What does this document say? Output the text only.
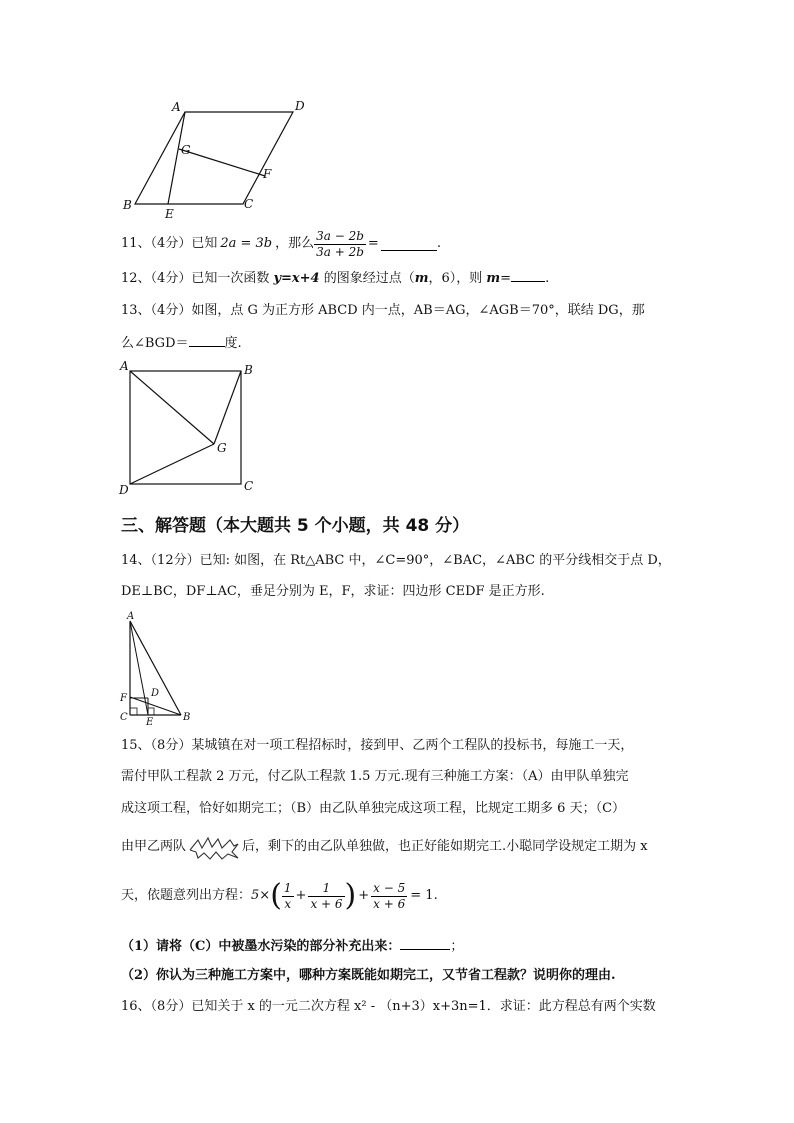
A	D
G
F
B
E
C
11、（4分）已知 2a = 3b ，那么 $\frac{3a - 2b}{3a + 2b}$ =	.
12、（4分）已知一次函数 y=x+4 的图象经过点（m，6），则 m=	.
13、（4分）如图，点 G 为正方形 ABCD 内一点，AB＝AG，∠AGB＝70°，联结 DG，那
么∠BGD＝	度.
A	B
G
D	C
三、解答题（本大题共 5 个小题，共 48 分）
14、（12分）已知: 如图，在 Rt△ABC 中，∠C=90°，∠BAC，∠ABC 的平分线相交于点 D，
DE⊥BC，DF⊥AC，垂足分别为 E，F，求证：四边形 CEDF 是正方形.
A
F D
C E	B
15、（8分）某城镇在对一项工程招标时，接到甲、乙两个工程队的投标书，每施工一天，
需付甲队工程款 2 万元，付乙队工程款 1.5 万元.现有三种施工方案：（A）由甲队单独完
成这项工程，恰好如期完工；（B）由乙队单独完成这项工程，比规定工期多 6 天；（C）
由甲乙两队	后，剩下的由乙队单独做，也正好能如期完工.小聪同学设规定工期为 x
天，依题意列出方程： 5× ( $\frac{1}{x} + \frac{1}{x + 6}$ ) + $\frac{x - 5}{x + 6} = 1$ .
（1）请将（C）中被墨水污染的部分补充出来：	；
（2）你认为三种施工方案中，哪种方案既能如期完工，又节省工程款？说明你的理由.
16、（8分）已知关于 x 的一元二次方程 x² - （n+3）x+3n=1．求证：此方程总有两个实数
